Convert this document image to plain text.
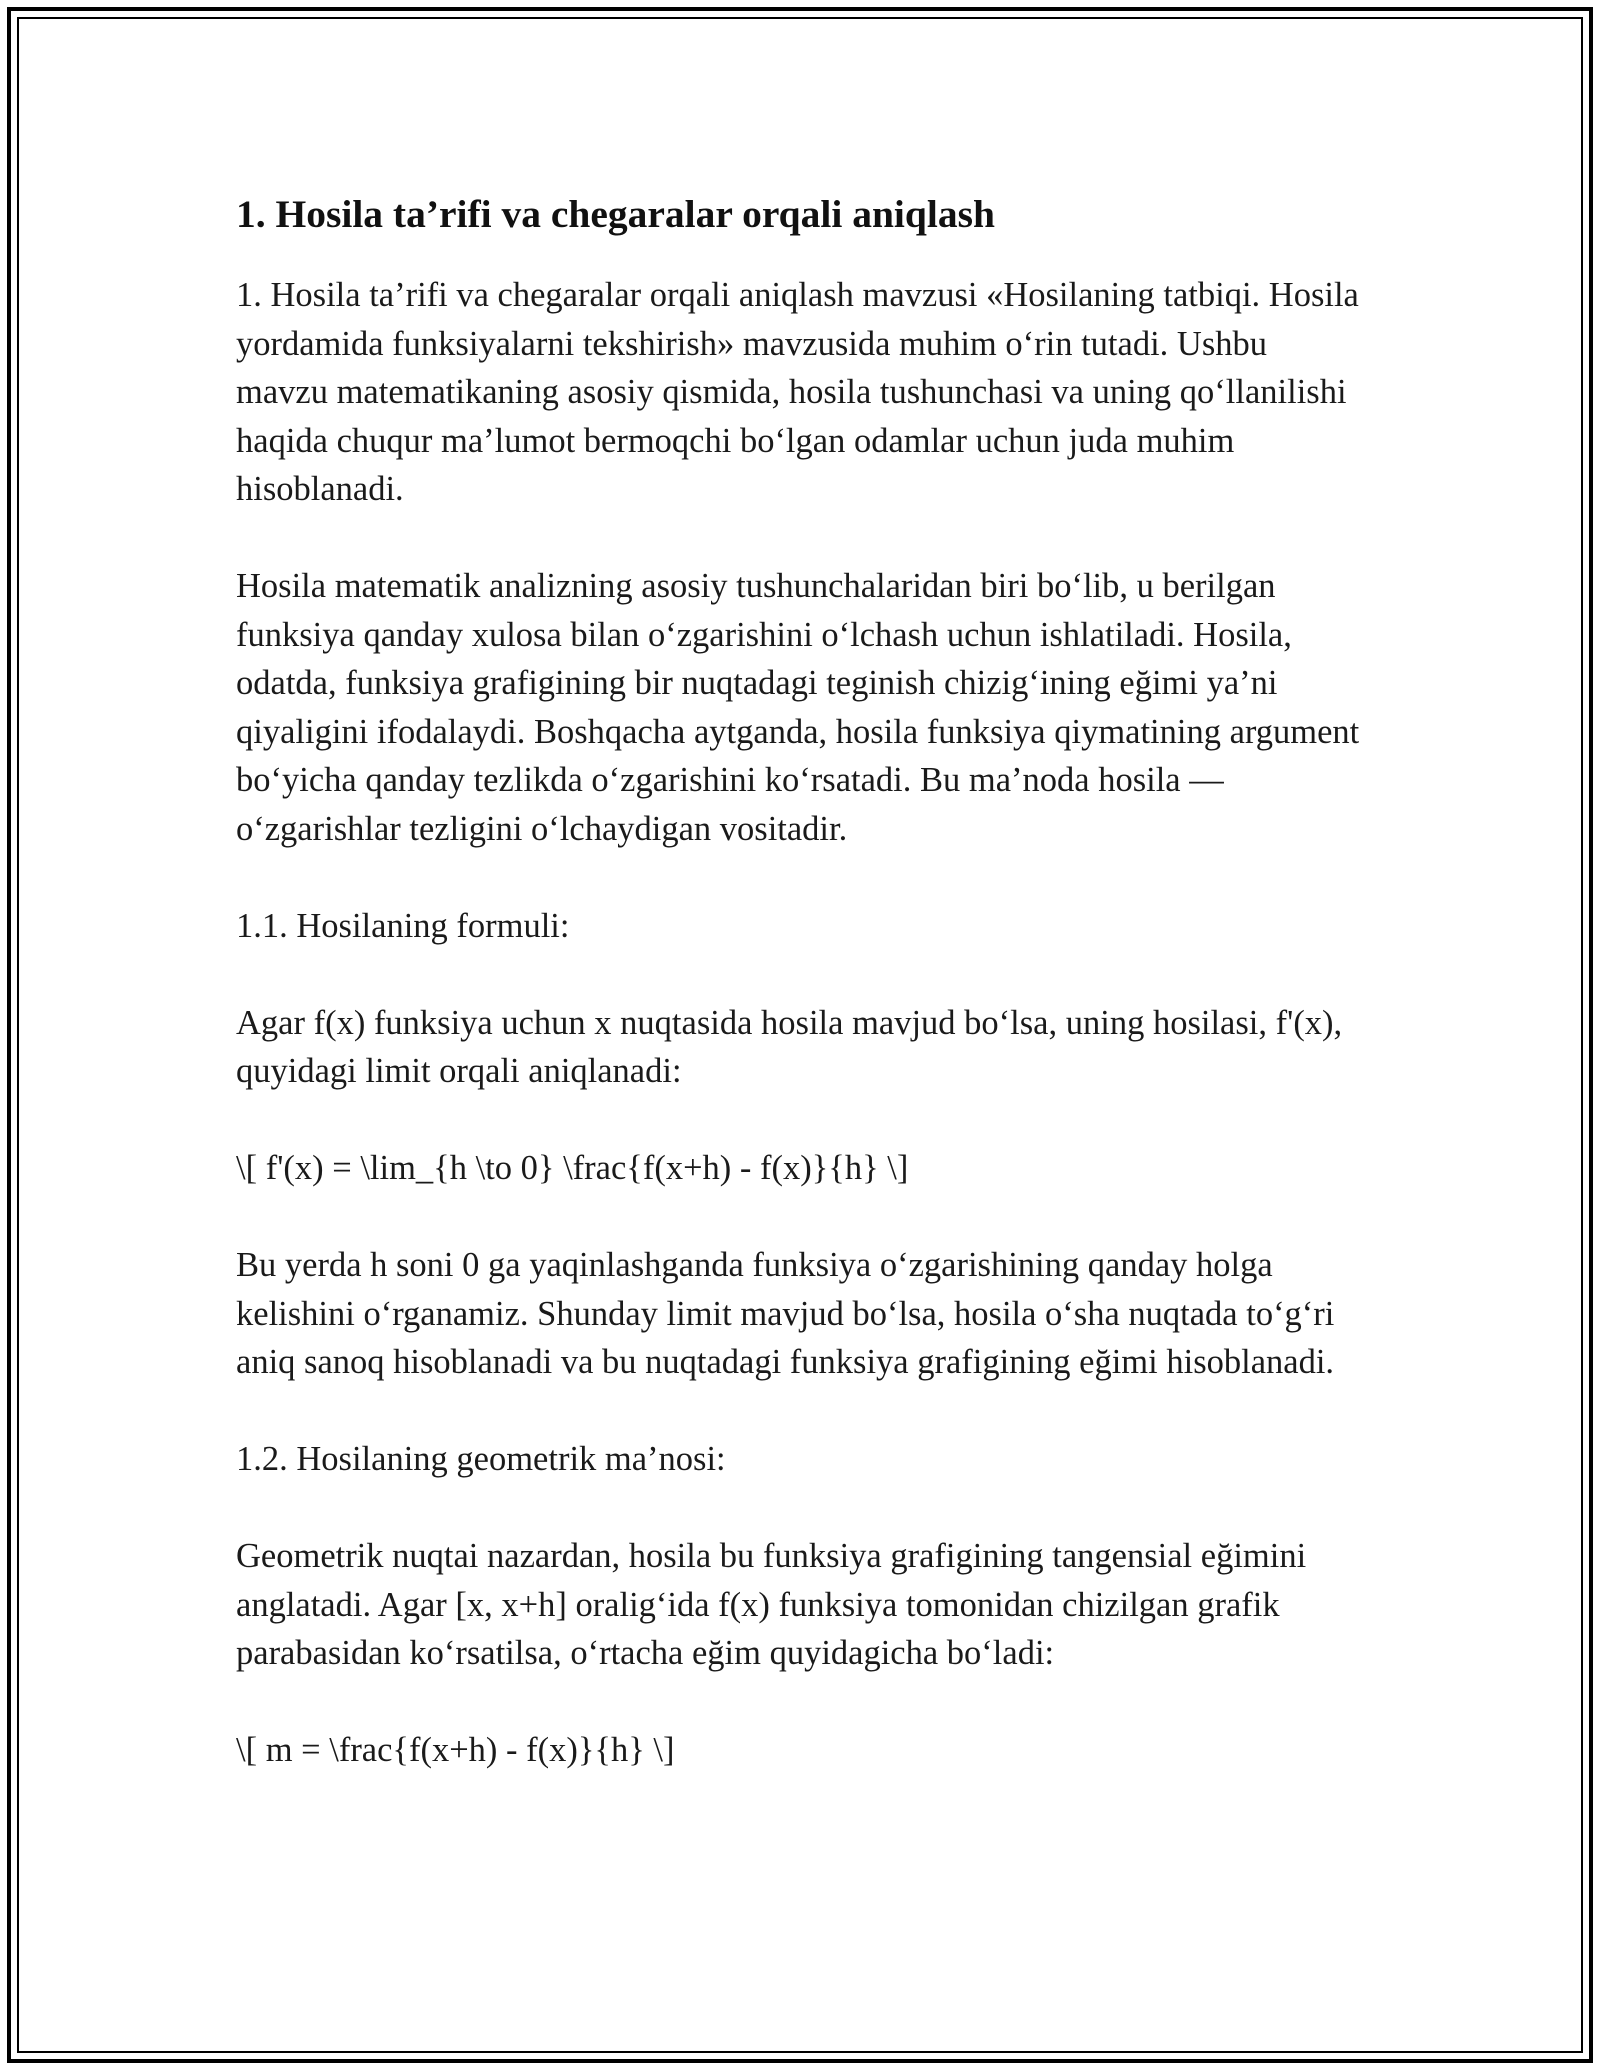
1. Hosila ta’rifi va chegaralar orqali aniqlash

1. Hosila ta’rifi va chegaralar orqali aniqlash mavzusi «Hosilaning tatbiqi. Hosila yordamida funksiyalarni tekshirish» mavzusida muhim o‘rin tutadi. Ushbu mavzu matematikaning asosiy qismida, hosila tushunchasi va uning qo‘llanilishi haqida chuqur ma’lumot bermoqchi bo‘lgan odamlar uchun juda muhim hisoblanadi.

Hosila matematik analizning asosiy tushunchalaridan biri bo‘lib, u berilgan funksiya qanday xulosa bilan o‘zgarishini o‘lchash uchun ishlatiladi. Hosila, odatda, funksiya grafigining bir nuqtadagi teginish chizig‘ining eğimi ya’ni qiyaligini ifodalaydi. Boshqacha aytganda, hosila funksiya qiymatining argument bo‘yicha qanday tezlikda o‘zgarishini ko‘rsatadi. Bu ma’noda hosila — o‘zgarishlar tezligini o‘lchaydigan vositadir.

1.1. Hosilaning formuli:

Agar f(x) funksiya uchun x nuqtasida hosila mavjud bo‘lsa, uning hosilasi, f'(x), quyidagi limit orqali aniqlanadi:

\[ f'(x) = \lim_{h \to 0} \frac{f(x+h) - f(x)}{h} \]

Bu yerda h soni 0 ga yaqinlashganda funksiya o‘zgarishining qanday holga kelishini o‘rganamiz. Shunday limit mavjud bo‘lsa, hosila o‘sha nuqtada to‘g‘ri aniq sanoq hisoblanadi va bu nuqtadagi funksiya grafigining eğimi hisoblanadi.

1.2. Hosilaning geometrik ma’nosi:

Geometrik nuqtai nazardan, hosila bu funksiya grafigining tangensial eğimini anglatadi. Agar [x, x+h] oralig‘ida f(x) funksiya tomonidan chizilgan grafik parabasidan ko‘rsatilsa, o‘rtacha eğim quyidagicha bo‘ladi:

\[ m = \frac{f(x+h) - f(x)}{h} \]
